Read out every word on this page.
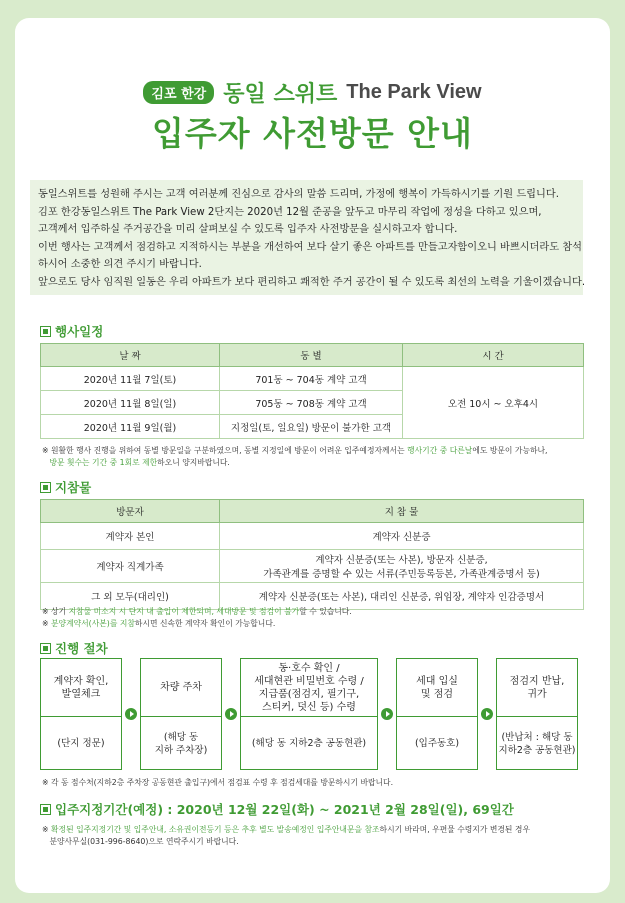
김포 한강 동일 스위트 The Park View
입주자 사전방문 안내

동일스위트를 성원해 주시는 고객 여러분께 진심으로 감사의 말씀 드리며, 가정에 행복이 가득하시기를 기원 드립니다.

김포 한강동일스위트 The Park View 2단지는 2020년 12월 준공을 앞두고 마무리 작업에 정성을 다하고 있으며,

고객께서 입주하실 주거공간을 미리 살펴보실 수 있도록 입주자 사전방문을 실시하고자 합니다.

이번 행사는 고객께서 점검하고 지적하시는 부분을 개선하여 보다 살기 좋은 아파트를 만들고자함이오니 바쁘시더라도 참석

하시어 소중한 의견 주시기 바랍니다.

앞으로도 당사 임직원 일동은 우리 아파트가 보다 편리하고 쾌적한 주거 공간이 될 수 있도록 최선의 노력을 기울이겠습니다.

행사일정
날 짜	동 별	시 간
2020년 11월 7일(토)	701동 ~ 704동 계약 고객	오전 10시 ~ 오후4시
2020년 11월 8일(일)	705동 ~ 708동 계약 고객	
2020년 11월 9일(월)	지정일(토, 일요일) 방문이 불가한 고객	
※ 원활한 행사 진행을 위하여 동별 방문일을 구분하였으며, 동별 지정일에 방문이 어려운 입주예정자께서는 행사기간 중 다른날에도 방문이 가능하나,
방문 횟수는 기간 중 1회로 제한하오니 양지바랍니다.
지참물
방문자	지 참 물
계약자 본인	계약자 신분증
계약자 직계가족	계약자 신분증(또는 사본), 방문자 신분증,
가족관계를 증명할 수 있는 서류(주민등록등본, 가족관계증명서 등)
그 외 모두(대리인)	계약자 신분증(또는 사본), 대리인 신분증, 위임장, 계약자 인감증명서
※ 상기 지참물 미소지 시 단지 내 출입이 제한되며, 세대방문 및 점검이 불가할 수 있습니다.
※ 분양계약서(사본)를 지참하시면 신속한 계약자 확인이 가능합니다.
진행 절차
계약자 확인,
발열체크
(단지 정문)
차량 주차
(해당 동
지하 주차장)
동·호수 확인 /
세대현관 비밀번호 수령 /
지급품(점검지, 필기구,
스티커, 덧신 등) 수령
(해당 동 지하2층 공동현관)
세대 입실
및 점검
(입주동호)
점검지 반납,
귀가
(반납처 : 해당 동
지하2층 공동현관)
※ 각 동 점수처(지하2층 주차장 공동현관 출입구)에서 점검표 수령 후 점검세대를 방문하시기 바랍니다.
입주지정기간(예정) : 2020년 12월 22일(화) ~ 2021년 2월 28일(일), 69일간
※ 확정된 입주지정기간 및 입주안내, 소유권이전등기 등은 추후 별도 발송예정인 입주안내문을 참조하시기 바라며, 우편물 수령지가 변경된 경우
분양사무실(031-996-8640)으로 연락주시기 바랍니다.
